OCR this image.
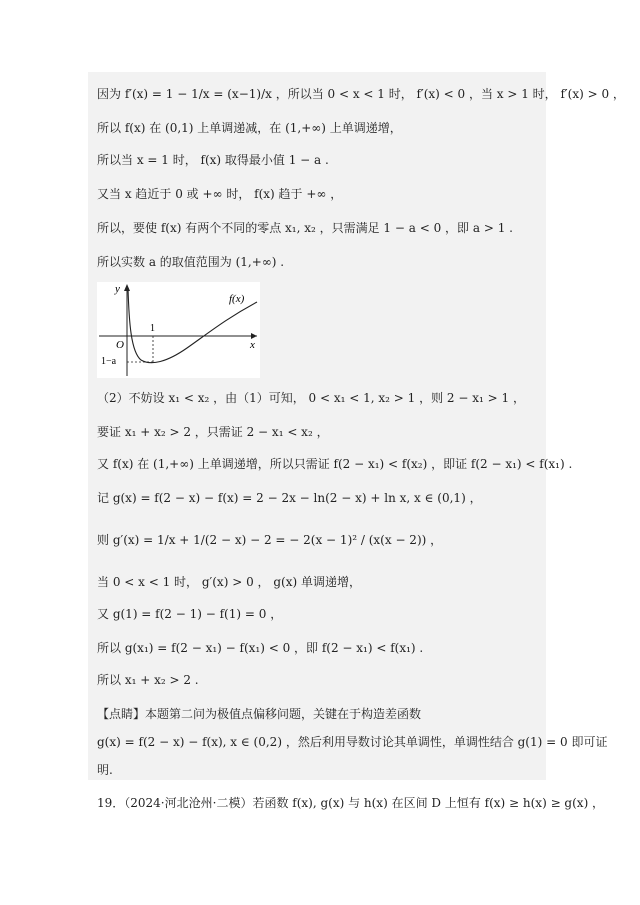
因为 f′(x) = 1 − 1/x = (x−1)/x ，所以当 0 < x < 1 时， f′(x) < 0 ，当 x > 1 时， f′(x) > 0 ，
所以 f(x) 在 (0,1) 上单调递减，在 (1,+∞) 上单调递增，
所以当 x = 1 时， f(x) 取得最小值 1 − a .
又当 x 趋近于 0 或 +∞ 时， f(x) 趋于 +∞ ，
所以，要使 f(x) 有两个不同的零点 x₁, x₂ ，只需满足 1 − a < 0 ，即 a > 1 .
所以实数 a 的取值范围为 (1,+∞) .
y
x
O
f(x)
1
1−a
（2）不妨设 x₁ < x₂ ，由（1）可知， 0 < x₁ < 1, x₂ > 1 ，则 2 − x₁ > 1 ，
要证 x₁ + x₂ > 2 ，只需证 2 − x₁ < x₂ ，
又 f(x) 在 (1,+∞) 上单调递增，所以只需证 f(2 − x₁) < f(x₂) ，即证 f(2 − x₁) < f(x₁) .
记 g(x) = f(2 − x) − f(x) = 2 − 2x − ln(2 − x) + ln x, x ∈ (0,1) ，
则 g′(x) = 1/x + 1/(2 − x) − 2 = − 2(x − 1)² / (x(x − 2)) ，
当 0 < x < 1 时， g′(x) > 0 ， g(x) 单调递增，
又 g(1) = f(2 − 1) − f(1) = 0 ，
所以 g(x₁) = f(2 − x₁) − f(x₁) < 0 ，即 f(2 − x₁) < f(x₁) .
所以 x₁ + x₂ > 2 .
【点睛】本题第二问为极值点偏移问题，关键在于构造差函数
g(x) = f(2 − x) − f(x), x ∈ (0,2) ，然后利用导数讨论其单调性，单调性结合 g(1) = 0 即可证
明.
19．（2024·河北沧州·二模）若函数 f(x), g(x) 与 h(x) 在区间 D 上恒有 f(x) ≥ h(x) ≥ g(x) ，
